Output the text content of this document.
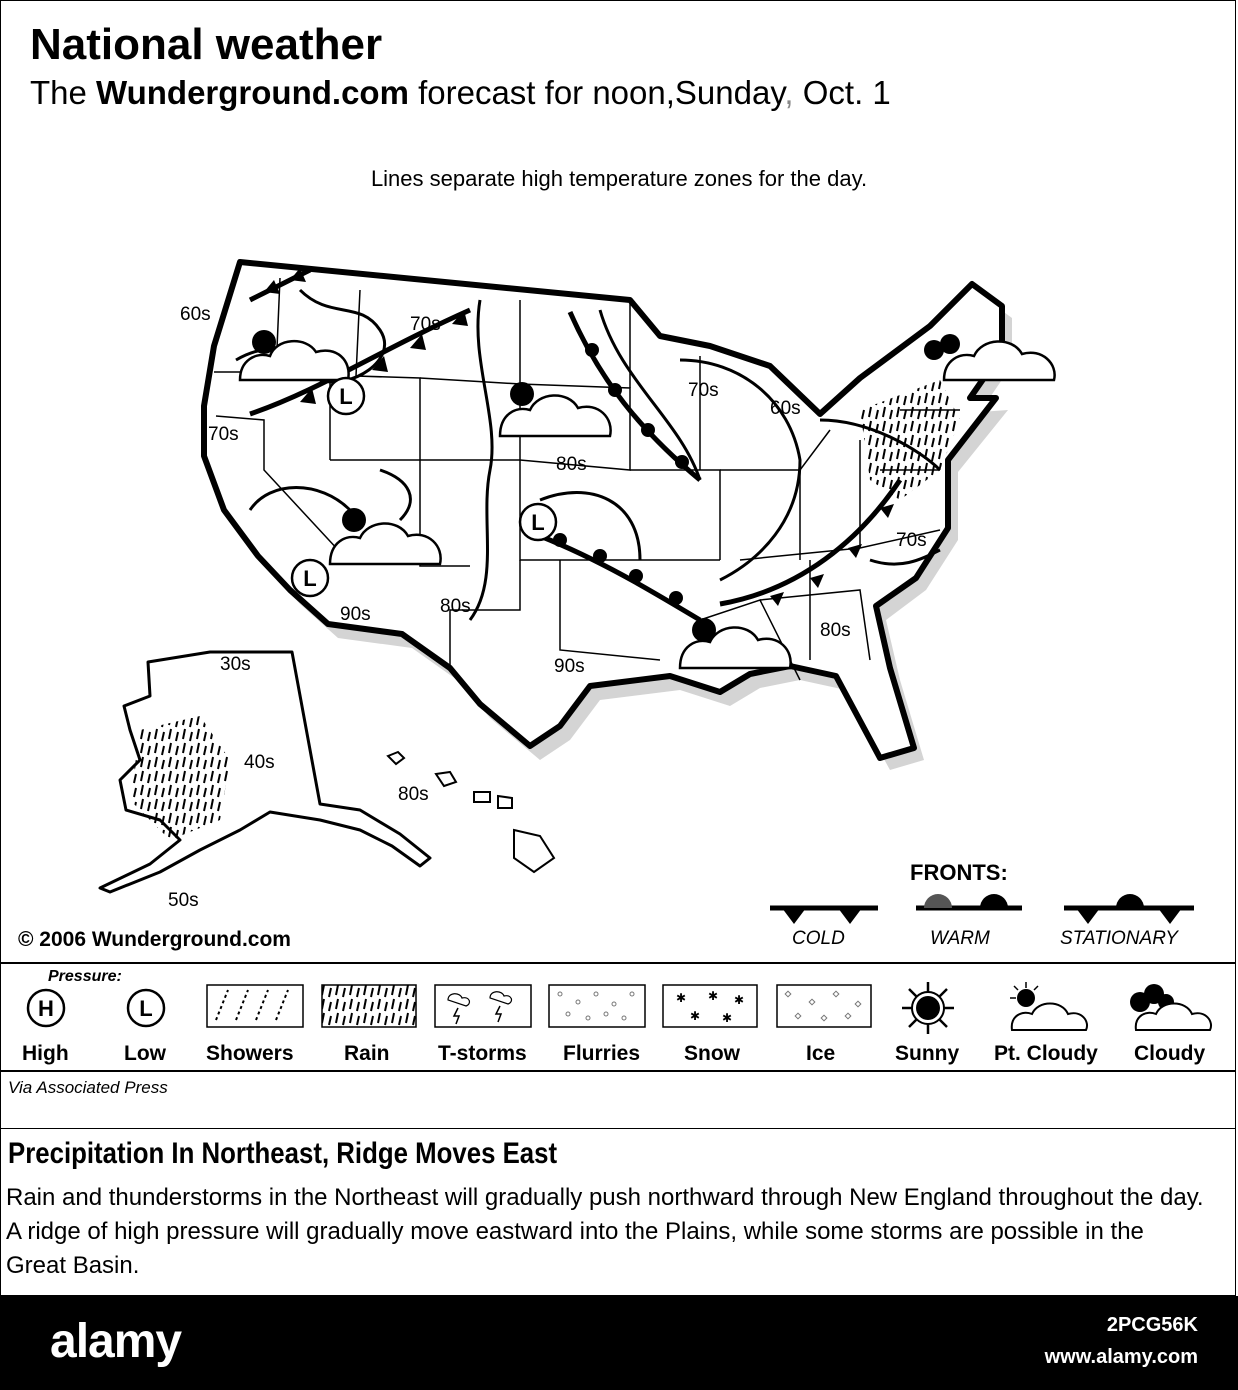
National weather
The Wunderground.com forecast for noon,Sunday, Oct. 1
Lines separate high temperature zones for the day.
L
L
L
60s	70s
70s
80s
70s
60s
90s	80s
90s
80s
70s
30s
40s
80s
50s
© 2006 Wunderground.com
FRONTS:
COLD	WARM	STATIONARY
Pressure:
H	L	✱ ✱ ✱
✱ ✱
High	Low Showers Rain T-storms Flurries Snow	Ice	Sunny Pt. Cloudy Cloudy
Via Associated Press
Precipitation In Northeast, Ridge Moves East
Rain and thunderstorms in the Northeast will gradually push northward through New England throughout the day. A ridge of high pressure will gradually move eastward into the Plains, while some storms are possible in the Great Basin.
alamy	2PCG56K
www.alamy.com
